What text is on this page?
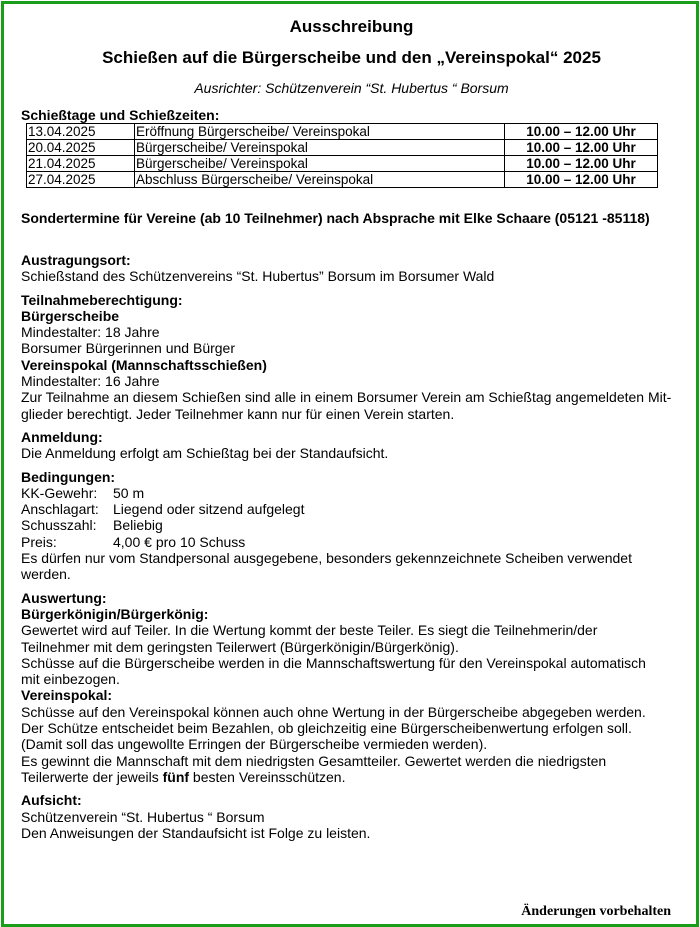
Ausschreibung
Schießen auf die Bürgerscheibe und den „Vereinspokal“ 2025
Ausrichter: Schützenverein “St. Hubertus “ Borsum
Schießtage und Schießzeiten:
13.04.2025	Eröffnung Bürgerscheibe/ Vereinspokal	10.00 – 12.00 Uhr
20.04.2025	Bürgerscheibe/ Vereinspokal	10.00 – 12.00 Uhr
21.04.2025	Bürgerscheibe/ Vereinspokal	10.00 – 12.00 Uhr
27.04.2025	Abschluss Bürgerscheibe/ Vereinspokal	10.00 – 12.00 Uhr
Sondertermine für Vereine (ab 10 Teilnehmer) nach Absprache mit Elke Schaare (05121 -85118)
Austragungsort:
Schießstand des Schützenvereins “St. Hubertus” Borsum im Borsumer Wald
Teilnahmeberechtigung:
Bürgerscheibe
Mindestalter: 18 Jahre
Borsumer Bürgerinnen und Bürger
Vereinspokal (Mannschaftsschießen)
Mindestalter: 16 Jahre
Zur Teilnahme an diesem Schießen sind alle in einem Borsumer Verein am Schießtag angemeldeten Mit-
glieder berechtigt. Jeder Teilnehmer kann nur für einen Verein starten.
Anmeldung:
Die Anmeldung erfolgt am Schießtag bei der Standaufsicht.
Bedingungen:
KK-Gewehr:	50 m
Anschlagart:	Liegend oder sitzend aufgelegt
Schusszahl:	Beliebig
Preis:	4,00 € pro 10 Schuss
Es dürfen nur vom Standpersonal ausgegebene, besonders gekennzeichnete Scheiben verwendet
werden.
Auswertung:
Bürgerkönigin/Bürgerkönig:
Gewertet wird auf Teiler. In die Wertung kommt der beste Teiler. Es siegt die Teilnehmerin/der
Teilnehmer mit dem geringsten Teilerwert (Bürgerkönigin/Bürgerkönig).
Schüsse auf die Bürgerscheibe werden in die Mannschaftswertung für den Vereinspokal automatisch
mit einbezogen.
Vereinspokal:
Schüsse auf den Vereinspokal können auch ohne Wertung in der Bürgerscheibe abgegeben werden.
Der Schütze entscheidet beim Bezahlen, ob gleichzeitig eine Bürgerscheibenwertung erfolgen soll.
(Damit soll das ungewollte Erringen der Bürgerscheibe vermieden werden).
Es gewinnt die Mannschaft mit dem niedrigsten Gesamtteiler. Gewertet werden die niedrigsten
Teilerwerte der jeweils fünf besten Vereinsschützen.
Aufsicht:
Schützenverein “St. Hubertus “ Borsum
Den Anweisungen der Standaufsicht ist Folge zu leisten.
Änderungen vorbehalten
